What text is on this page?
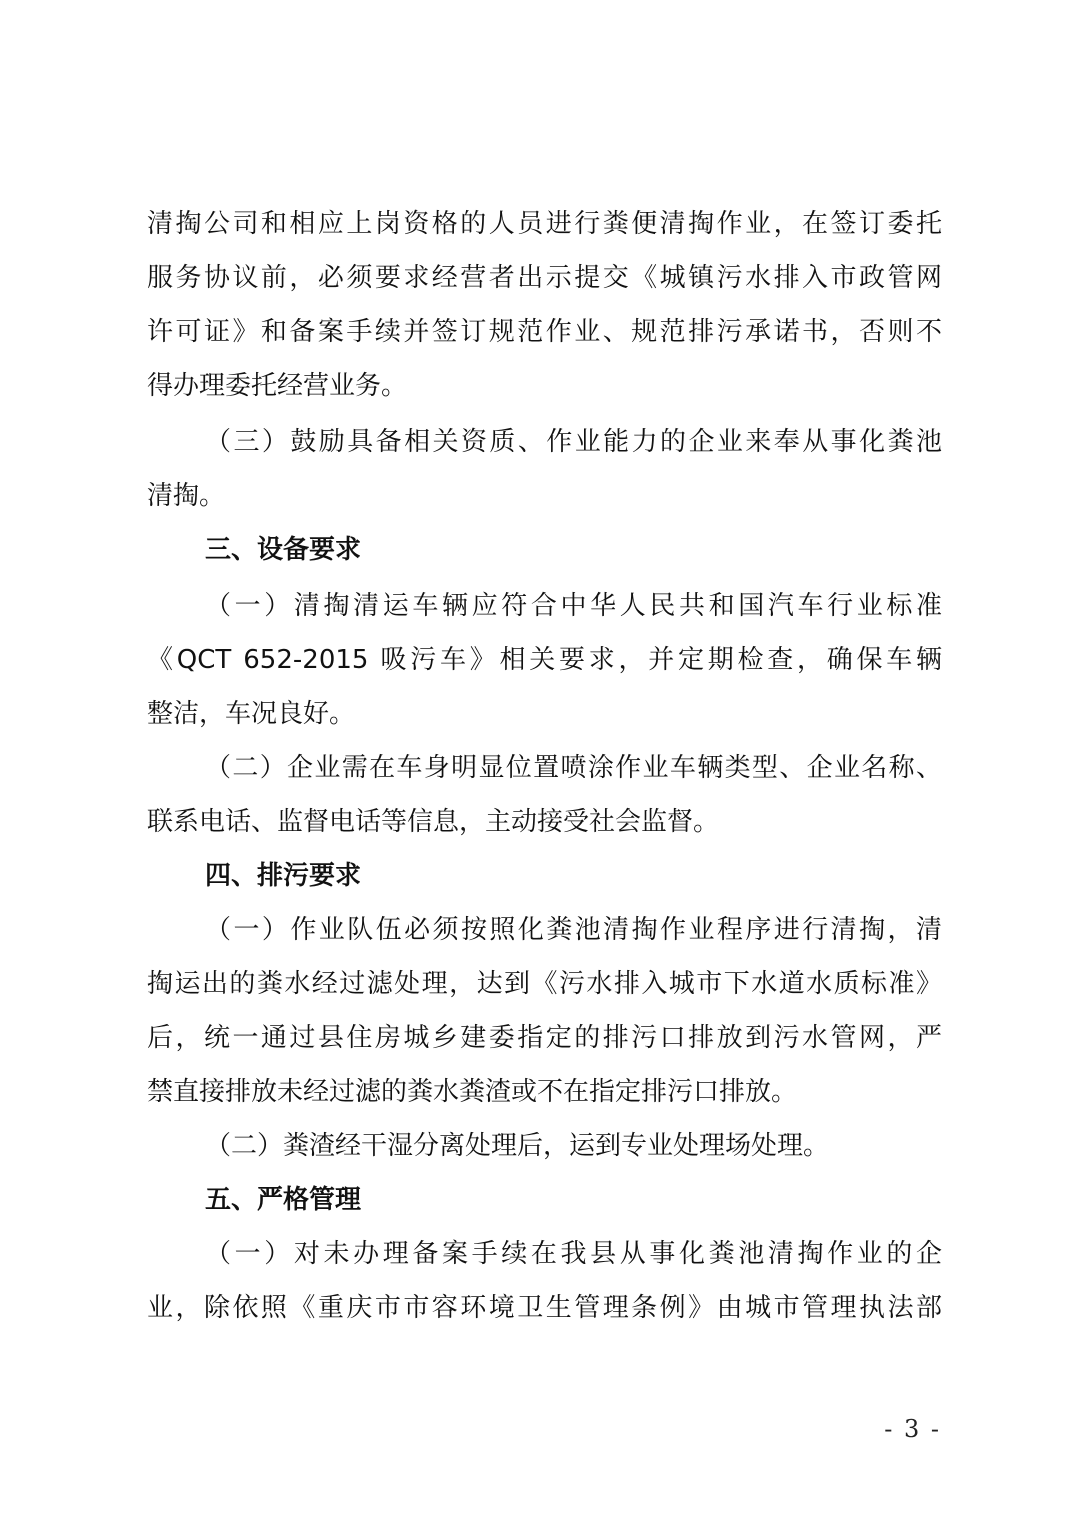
清掏公司和相应上岗资格的人员进行粪便清掏作业，在签订委托
服务协议前，必须要求经营者出示提交《城镇污水排入市政管网
许可证》和备案手续并签订规范作业、规范排污承诺书，否则不
得办理委托经营业务。
（三）鼓励具备相关资质、作业能力的企业来奉从事化粪池
清掏。
三、设备要求
（一）清掏清运车辆应符合中华人民共和国汽车行业标准
《QCT 652-2015 吸污车》相关要求，并定期检查，确保车辆
整洁，车况良好。
（二）企业需在车身明显位置喷涂作业车辆类型、企业名称、
联系电话、监督电话等信息，主动接受社会监督。
四、排污要求
（一）作业队伍必须按照化粪池清掏作业程序进行清掏，清
掏运出的粪水经过滤处理，达到《污水排入城市下水道水质标准》
后，统一通过县住房城乡建委指定的排污口排放到污水管网，严
禁直接排放未经过滤的粪水粪渣或不在指定排污口排放。
（二）粪渣经干湿分离处理后，运到专业处理场处理。
五、严格管理
（一）对未办理备案手续在我县从事化粪池清掏作业的企
业，除依照《重庆市市容环境卫生管理条例》由城市管理执法部
- 3 -
